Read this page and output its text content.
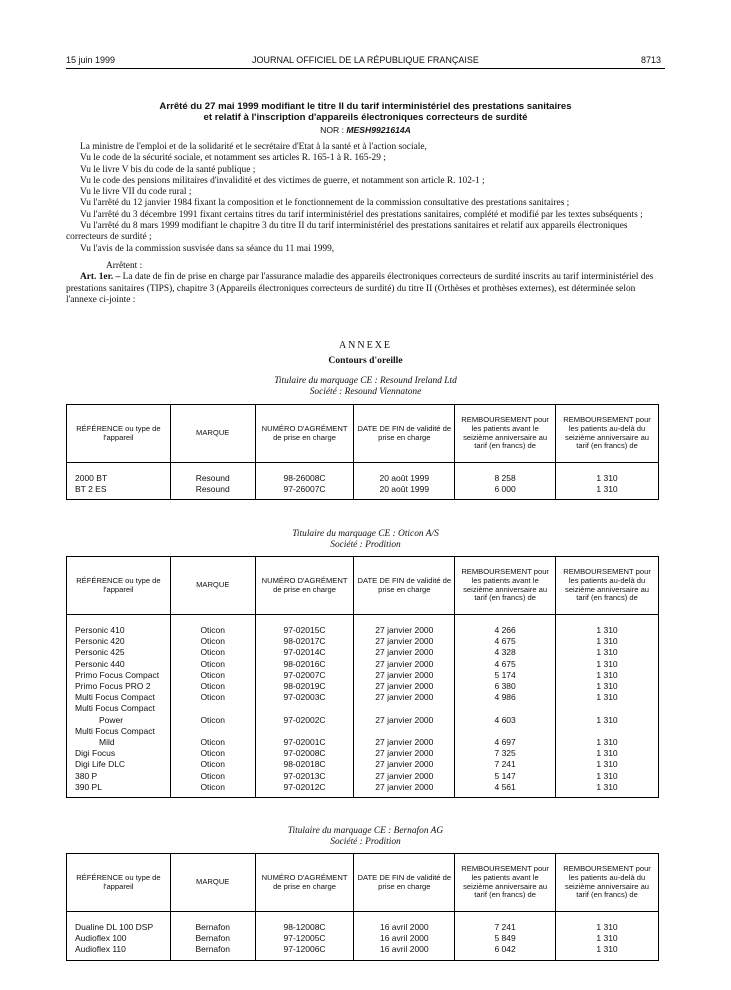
15 juin 1999	JOURNAL OFFICIEL DE LA RÉPUBLIQUE FRANÇAISE	8713
Arrêté du 27 mai 1999 modifiant le titre II du tarif interministériel des prestations sanitaires
et relatif à l'inscription d'appareils électroniques correcteurs de surdité
NOR : MESH9921614A

La ministre de l'emploi et de la solidarité et le secrétaire d'Etat à la santé et à l'action sociale,

Vu le code de la sécurité sociale, et notamment ses articles R. 165-1 à R. 165-29 ;

Vu le livre V bis du code de la santé publique ;

Vu le code des pensions militaires d'invalidité et des victimes de guerre, et notamment son article R. 102-1 ;

Vu le livre VII du code rural ;

Vu l'arrêté du 12 janvier 1984 fixant la composition et le fonctionnement de la commission consultative des prestations sanitaires ;

Vu l'arrêté du 3 décembre 1991 fixant certains titres du tarif interministériel des prestations sanitaires, complété et modifié par les textes subséquents ;

Vu l'arrêté du 8 mars 1999 modifiant le chapitre 3 du titre II du tarif interministériel des prestations sanitaires et relatif aux appareils électroniques correcteurs de surdité ;

Vu l'avis de la commission susvisée dans sa séance du 11 mai 1999,

Arrêtent :

Art. 1er. – La date de fin de prise en charge par l'assurance maladie des appareils électroniques correcteurs de surdité inscrits au tarif interministériel des prestations sanitaires (TIPS), chapitre 3 (Appareils électroniques correcteurs de surdité) du titre II (Orthèses et prothèses externes), est déterminée selon l'annexe ci-jointe :

ANNEXE
Contours d'oreille
Titulaire du marquage CE : Resound Ireland Ltd
Société : Resound Viennatone
RÉFÉRENCE ou type de l'appareil	MARQUE	NUMÉRO D'AGRÉMENT de prise en charge	DATE DE FIN de validité de prise en charge	REMBOURSEMENT pour les patients avant le seizième anniversaire au tarif (en francs) de	REMBOURSEMENT pour les patients au-delà du seizième anniversaire au tarif (en francs) de
2000 BT	Resound	98-26008C	20 août 1999	8 258	1 310
BT 2 ES	Resound	97-26007C	20 août 1999	6 000	1 310
Titulaire du marquage CE : Oticon A/S
Société : Prodition
RÉFÉRENCE ou type de l'appareil	MARQUE	NUMÉRO D'AGRÉMENT de prise en charge	DATE DE FIN de validité de prise en charge	REMBOURSEMENT pour les patients avant le seizième anniversaire au tarif (en francs) de	REMBOURSEMENT pour les patients au-delà du seizième anniversaire au tarif (en francs) de
Personic 410	Oticon	97-02015C	27 janvier 2000	4 266	1 310
Personic 420	Oticon	98-02017C	27 janvier 2000	4 675	1 310
Personic 425	Oticon	97-02014C	27 janvier 2000	4 328	1 310
Personic 440	Oticon	98-02016C	27 janvier 2000	4 675	1 310
Primo Focus Compact	Oticon	97-02007C	27 janvier 2000	5 174	1 310
Primo Focus PRO 2	Oticon	98-02019C	27 janvier 2000	6 380	1 310
Multi Focus Compact	Oticon	97-02003C	27 janvier 2000	4 986	1 310

Multi Focus Compact
Power	Oticon	97-02002C	27 janvier 2000	4 603	1 310

Multi Focus Compact
Mild	Oticon	97-02001C	27 janvier 2000	4 697	1 310
Digi Focus	Oticon	97-02008C	27 janvier 2000	7 325	1 310
Digi Life DLC	Oticon	98-02018C	27 janvier 2000	7 241	1 310
380 P	Oticon	97-02013C	27 janvier 2000	5 147	1 310
390 PL	Oticon	97-02012C	27 janvier 2000	4 561	1 310
Titulaire du marquage CE : Bernafon AG
Société : Prodition
RÉFÉRENCE ou type de l'appareil	MARQUE	NUMÉRO D'AGRÉMENT de prise en charge	DATE DE FIN de validité de prise en charge	REMBOURSEMENT pour les patients avant le seizième anniversaire au tarif (en francs) de	REMBOURSEMENT pour les patients au-delà du seizième anniversaire au tarif (en francs) de
Dualine DL 100 DSP	Bernafon	98-12008C	16 avril 2000	7 241	1 310
Audioflex 100	Bernafon	97-12005C	16 avril 2000	5 849	1 310
Audioflex 110	Bernafon	97-12006C	16 avril 2000	6 042	1 310
